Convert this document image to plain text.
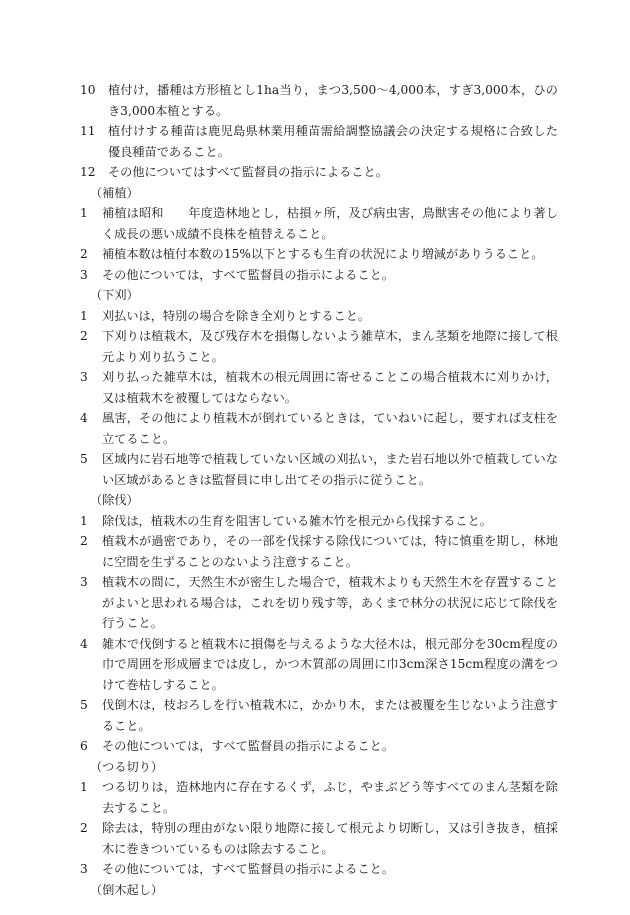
10	植付け，播種は方形植とし1ha当り，まつ3,500～4,000本，すぎ3,000本，ひのき3,000本植とする。
11	植付けする種苗は鹿児島県林業用種苗需給調整協議会の決定する規格に合致した優良種苗であること。
12	その他についてはすべて監督員の指示によること。
（補植）
1	補植は昭和　　年度造林地とし，枯損ヶ所，及び病虫害，鳥獣害その他により著しく成長の悪い成績不良株を植替えること。
2	補植本数は植付本数の15%以下とするも生育の状況により増減がありうること。
3	その他については，すべて監督員の指示によること。
（下刈）
1	刈払いは，特別の場合を除き全刈りとすること。
2	下刈りは植栽木，及び残存木を損傷しないよう雑草木，まん茎類を地際に接して根元より刈り払うこと。
3	刈り払った雑草木は，植栽木の根元周囲に寄せることこの場合植栽木に刈りかけ，又は植栽木を被覆してはならない。
4	風害，その他により植栽木が倒れているときは，ていねいに起し，要すれば支柱を立てること。
5	区域内に岩石地等で植栽していない区域の刈払い，また岩石地以外で植栽していない区域があるときは監督員に申し出てその指示に従うこと。
（除伐）
1	除伐は，植栽木の生育を阻害している雑木竹を根元から伐採すること。
2	植栽木が過密であり，その一部を伐採する除伐については，特に慎重を期し，林地に空間を生ずることのないよう注意すること。
3	植栽木の間に，天然生木が密生した場合で，植栽木よりも天然生木を存置することがよいと思われる場合は，これを切り残す等，あくまで林分の状況に応じて除伐を行うこと。
4	雑木で伐倒すると植栽木に損傷を与えるような大径木は，根元部分を30cm程度の巾で周囲を形成層までは皮し，かつ木質部の周囲に巾3cm深さ15cm程度の溝をつけて巻枯しすること。
5	伐倒木は，枝おろしを行い植栽木に，かかり木，または被覆を生じないよう注意すること。
6	その他については，すべて監督員の指示によること。
（つる切り）
1	つる切りは，造林地内に存在するくず，ふじ，やまぶどう等すべてのまん茎類を除去すること。
2	除去は，特別の理由がない限り地際に接して根元より切断し，又は引き抜き，植採木に巻きついているものは除去すること。
3	その他については，すべて監督員の指示によること。
（倒木起し）
